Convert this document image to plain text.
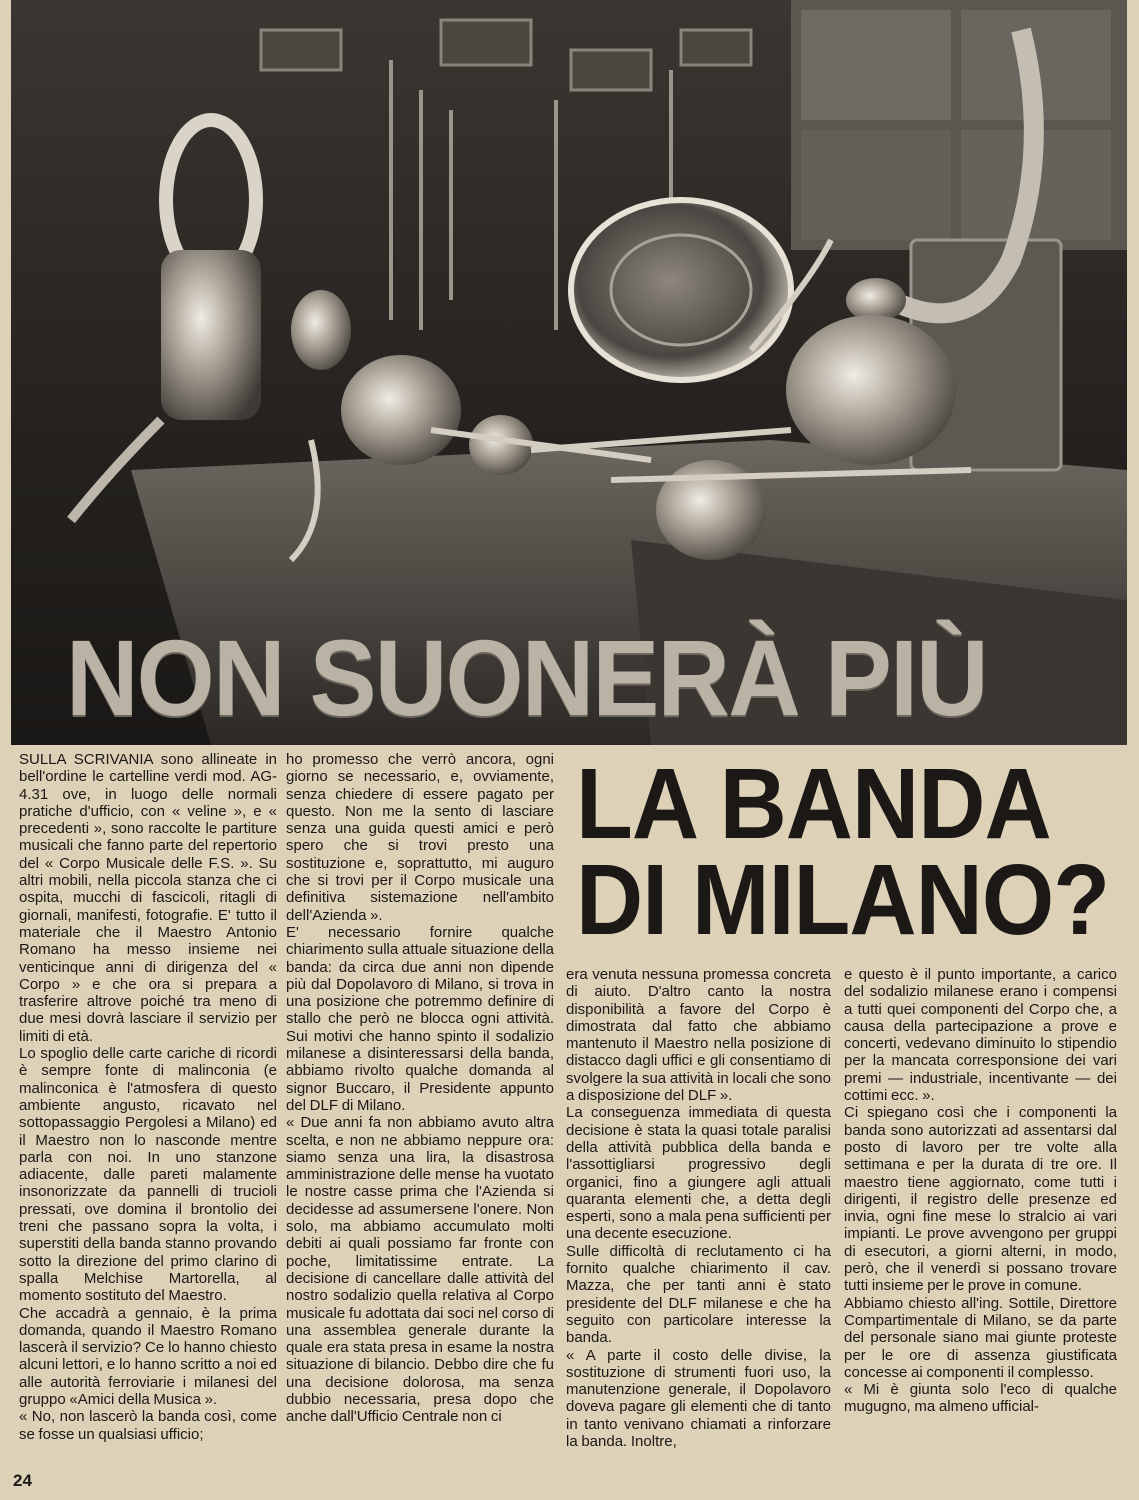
NON SUONERÀ PIÙ
LA BANDA
DI MILANO?

SULLA SCRIVANIA sono allineate in bell'ordine le cartelline verdi mod. AG-4.31 ove, in luogo delle normali pratiche d'ufficio, con « veline », e « precedenti », sono raccolte le partiture musicali che fanno parte del repertorio del « Corpo Musicale delle F.S. ». Su altri mobili, nella piccola stanza che ci ospita, mucchi di fascicoli, ritagli di giornali, manifesti, fotografie. E' tutto il materiale che il Maestro Antonio Romano ha messo insieme nei venticinque anni di dirigenza del « Corpo » e che ora si prepara a trasferire altrove poiché tra meno di due mesi dovrà lasciare il servizio per limiti di età.

Lo spoglio delle carte cariche di ricordi è sempre fonte di malinconia (e malinconica è l'atmosfera di questo ambiente angusto, ricavato nel sottopassaggio Pergolesi a Milano) ed il Maestro non lo nasconde mentre parla con noi. In uno stanzone adiacente, dalle pareti malamente insonorizzate da pannelli di trucioli pressati, ove domina il brontolio dei treni che passano sopra la volta, i superstiti della banda stanno provando sotto la direzione del primo clarino di spalla Melchise Martorella, al momento sostituto del Maestro.

Che accadrà a gennaio, è la prima domanda, quando il Maestro Romano lascerà il servizio? Ce lo hanno chiesto alcuni lettori, e lo hanno scritto a noi ed alle autorità ferroviarie i milanesi del gruppo «Amici della Musica ».

« No, non lascerò la banda così, come se fosse un qualsiasi ufficio;

ho promesso che verrò ancora, ogni giorno se necessario, e, ovviamente, senza chiedere di essere pagato per questo. Non me la sento di lasciare senza una guida questi amici e però spero che si trovi presto una sostituzione e, soprattutto, mi auguro che si trovi per il Corpo musicale una definitiva sistemazione nell'ambito dell'Azienda ».

E' necessario fornire qualche chiarimento sulla attuale situazione della banda: da circa due anni non dipende più dal Dopolavoro di Milano, si trova in una posizione che potremmo definire di stallo che però ne blocca ogni attività. Sui motivi che hanno spinto il sodalizio milanese a disinteressarsi della banda, abbiamo rivolto qualche domanda al signor Buccaro, il Presidente appunto del DLF di Milano.

« Due anni fa non abbiamo avuto altra scelta, e non ne abbiamo neppure ora: siamo senza una lira, la disastrosa amministrazione delle mense ha vuotato le nostre casse prima che l'Azienda si decidesse ad assumersene l'onere. Non solo, ma abbiamo accumulato molti debiti ai quali possiamo far fronte con poche, limitatissime entrate. La decisione di cancellare dalle attività del nostro sodalizio quella relativa al Corpo musicale fu adottata dai soci nel corso di una assemblea generale durante la quale era stata presa in esame la nostra situazione di bilancio. Debbo dire che fu una decisione dolorosa, ma senza dubbio necessaria, presa dopo che anche dall'Ufficio Centrale non ci

era venuta nessuna promessa concreta di aiuto. D'altro canto la nostra disponibilità a favore del Corpo è dimostrata dal fatto che abbiamo mantenuto il Maestro nella posizione di distacco dagli uffici e gli consentiamo di svolgere la sua attività in locali che sono a disposizione del DLF ».

La conseguenza immediata di questa decisione è stata la quasi totale paralisi della attività pubblica della banda e l'assottigliarsi progressivo degli organici, fino a giungere agli attuali quaranta elementi che, a detta degli esperti, sono a mala pena sufficienti per una decente esecuzione.

Sulle difficoltà di reclutamento ci ha fornito qualche chiarimento il cav. Mazza, che per tanti anni è stato presidente del DLF milanese e che ha seguito con particolare interesse la banda.

« A parte il costo delle divise, la sostituzione di strumenti fuori uso, la manutenzione generale, il Dopolavoro doveva pagare gli elementi che di tanto in tanto venivano chiamati a rinforzare la banda. Inoltre,

e questo è il punto importante, a carico del sodalizio milanese erano i compensi a tutti quei componenti del Corpo che, a causa della partecipazione a prove e concerti, vedevano diminuito lo stipendio per la mancata corresponsione dei vari premi — industriale, incentivante — dei cottimi ecc. ».

Ci spiegano così che i componenti la banda sono autorizzati ad assentarsi dal posto di lavoro per tre volte alla settimana e per la durata di tre ore. Il maestro tiene aggiornato, come tutti i dirigenti, il registro delle presenze ed invia, ogni fine mese lo stralcio ai vari impianti. Le prove avvengono per gruppi di esecutori, a giorni alterni, in modo, però, che il venerdì si possano trovare tutti insieme per le prove in comune.

Abbiamo chiesto all'ing. Sottile, Direttore Compartimentale di Milano, se da parte del personale siano mai giunte proteste per le ore di assenza giustificata concesse ai componenti il complesso.

« Mi è giunta solo l'eco di qualche mugugno, ma almeno ufficial-

24
